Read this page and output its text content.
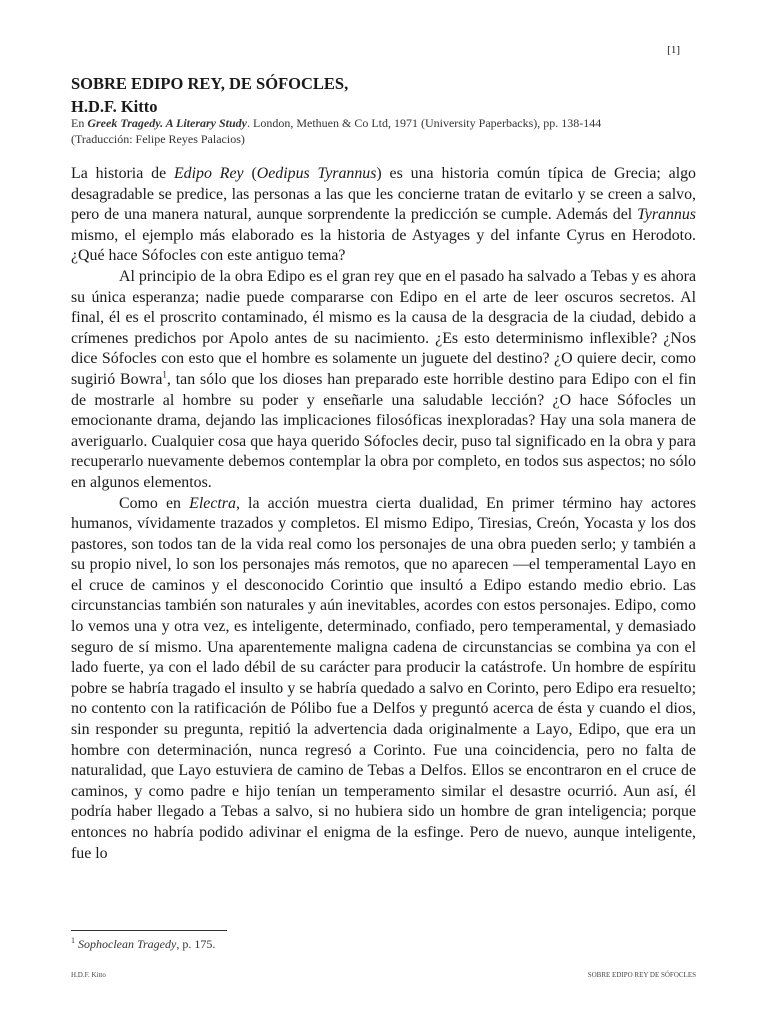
[1]
SOBRE EDIPO REY, DE SÓFOCLES,
H.D.F. Kitto
En Greek Tragedy. A Literary Study. London, Methuen & Co Ltd, 1971 (University Paperbacks), pp. 138-144
(Traducción: Felipe Reyes Palacios)

La historia de Edipo Rey (Oedipus Tyrannus) es una historia común típica de Grecia; algo desagradable se predice, las personas a las que les concierne tratan de evitarlo y se creen a salvo, pero de una manera natural, aunque sorprendente la predicción se cumple. Además del Tyrannus mismo, el ejemplo más elaborado es la historia de Astyages y del infante Cyrus en Herodoto. ¿Qué hace Sófocles con este antiguo tema?

Al principio de la obra Edipo es el gran rey que en el pasado ha salvado a Tebas y es ahora su única esperanza; nadie puede compararse con Edipo en el arte de leer oscuros secretos. Al final, él es el proscrito contaminado, él mismo es la causa de la desgracia de la ciudad, debido a crímenes predichos por Apolo antes de su nacimiento. ¿Es esto determinismo inflexible? ¿Nos dice Sófocles con esto que el hombre es solamente un juguete del destino? ¿O quiere decir, como sugirió Bowra$^1$, tan sólo que los dioses han preparado este horrible destino para Edipo con el fin de mostrarle al hombre su poder y enseñarle una saludable lección? ¿O hace Sófocles un emocionante drama, dejando las implicaciones filosóficas inexploradas? Hay una sola manera de averiguarlo. Cualquier cosa que haya querido Sófocles decir, puso tal significado en la obra y para recuperarlo nuevamente debemos contemplar la obra por completo, en todos sus aspectos; no sólo en algunos elementos.

Como en Electra, la acción muestra cierta dualidad, En primer término hay actores humanos, vívidamente trazados y completos. El mismo Edipo, Tiresias, Creón, Yocasta y los dos pastores, son todos tan de la vida real como los personajes de una obra pueden serlo; y también a su propio nivel, lo son los personajes más remotos, que no aparecen —el temperamental Layo en el cruce de caminos y el desconocido Corintio que insultó a Edipo estando medio ebrio. Las circunstancias también son naturales y aún inevitables, acordes con estos personajes. Edipo, como lo vemos una y otra vez, es inteligente, determinado, confiado, pero temperamental, y demasiado seguro de sí mismo. Una aparentemente maligna cadena de circunstancias se combina ya con el lado fuerte, ya con el lado débil de su carácter para producir la catástrofe. Un hombre de espíritu pobre se habría tragado el insulto y se habría quedado a salvo en Corinto, pero Edipo era resuelto; no contento con la ratificación de Pólibo fue a Delfos y preguntó acerca de ésta y cuando el dios, sin responder su pregunta, repitió la advertencia dada originalmente a Layo, Edipo, que era un hombre con determinación, nunca regresó a Corinto. Fue una coincidencia, pero no falta de naturalidad, que Layo estuviera de camino de Tebas a Delfos. Ellos se encontraron en el cruce de caminos, y como padre e hijo tenían un temperamento similar el desastre ocurrió. Aun así, él podría haber llegado a Tebas a salvo, si no hubiera sido un hombre de gran inteligencia; porque entonces no habría podido adivinar el enigma de la esfinge. Pero de nuevo, aunque inteligente, fue lo

$^1$ Sophoclean Tragedy, p. 175.
H.D.F. Kitto	SOBRE EDIPO REY DE SÓFOCLES
